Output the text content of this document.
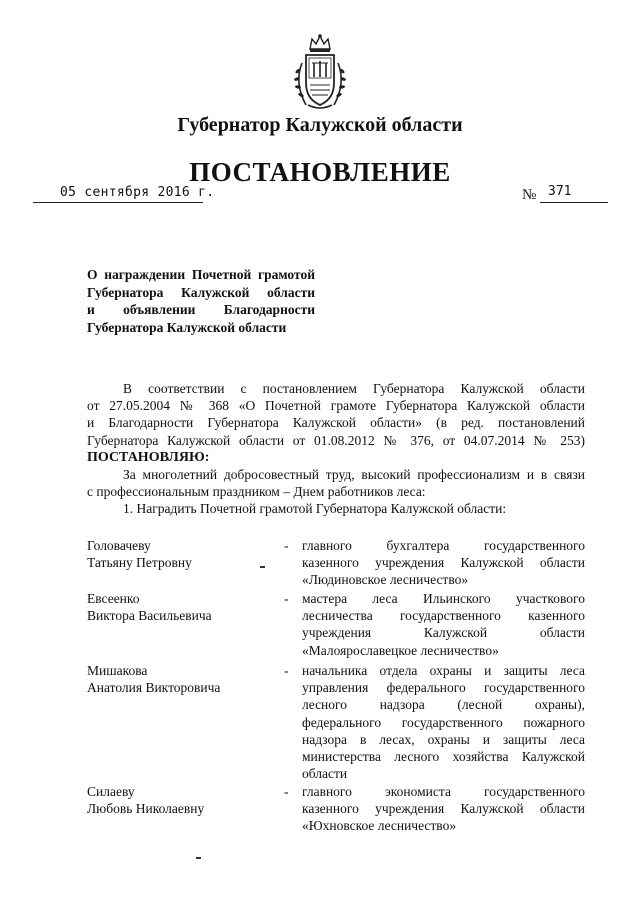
Губернатор Калужской области
ПОСТАНОВЛЕНИЕ
05 сентября 2016 г.	№ 371
О награждении Почетной грамотой
Губернатора Калужской области
и объявлении Благодарности
Губернатора Калужской области
В соответствии с постановлением Губернатора Калужской области
от 27.05.2004 № 368 «О Почетной грамоте Губернатора Калужской области
и Благодарности Губернатора Калужской области» (в ред. постановлений
Губернатора Калужской области от 01.08.2012 № 376, от 04.07.2014 № 253)
ПОСТАНОВЛЯЮ:
За многолетний добросовестный труд, высокий профессионализм и в связи
с профессиональным праздником – Днем работников леса:
1. Наградить Почетной грамотой Губернатора Калужской области:
Головачеву
Татьяну Петровну
- главного бухгалтера государственного
казенного учреждения Калужской области
«Людиновское лесничество»
Евсеенко
Виктора Васильевича
- мастера леса Ильинского участкового
лесничества государственного казенного
учреждения Калужской области
«Малоярославецкое лесничество»
Мишакова
Анатолия Викторовича
- начальника отдела охраны и защиты леса
управления федерального государственного
лесного надзора (лесной охраны),
федерального государственного пожарного
надзора в лесах, охраны и защиты леса
министерства лесного хозяйства Калужской
области
Силаеву
Любовь Николаевну
- главного экономиста государственного
казенного учреждения Калужской области
«Юхновское лесничество»
